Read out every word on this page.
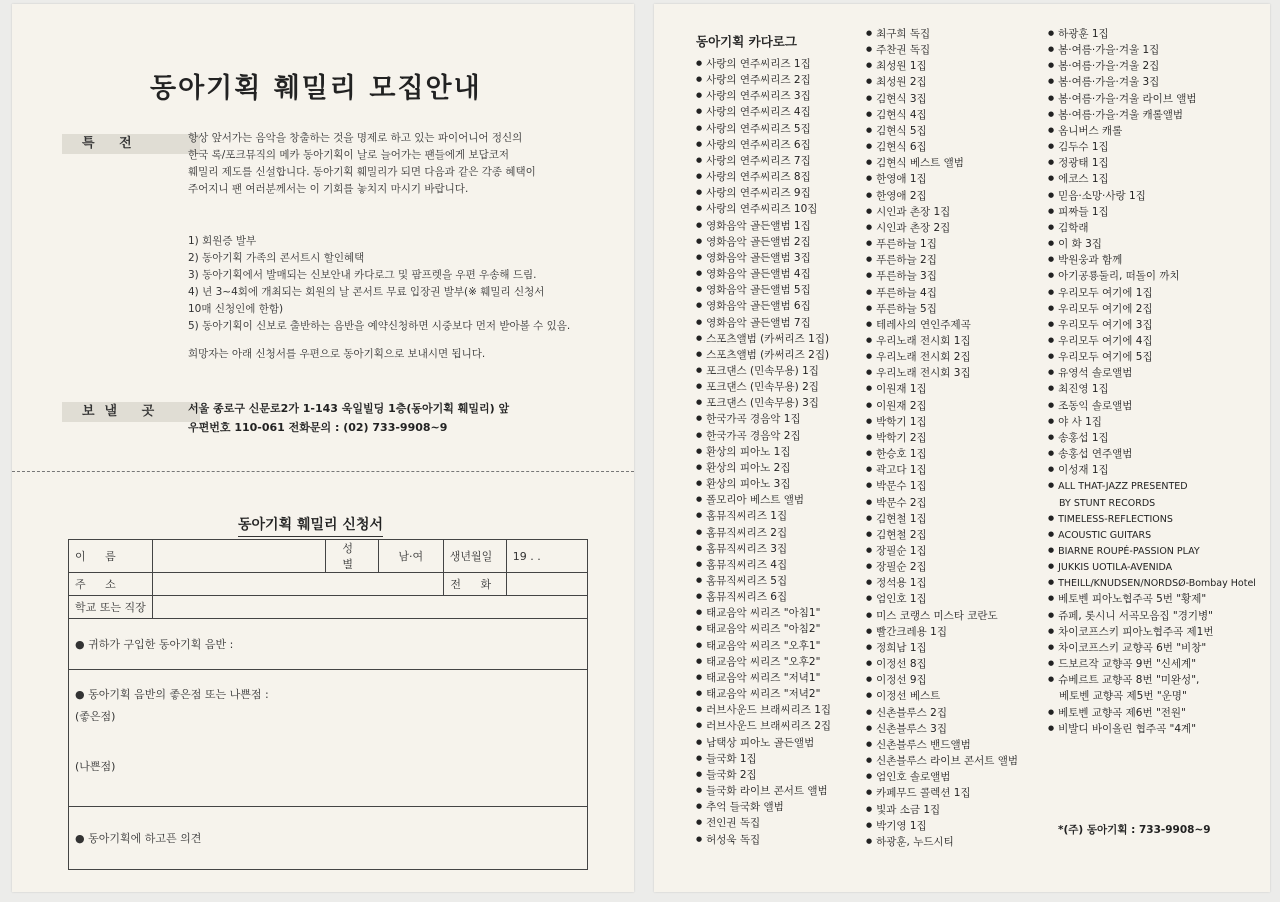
동아기획 훼밀리 모집안내
특 전	항상 앞서가는 음악을 창출하는 것을 명제로 하고 있는 파이어니어 정신의
한국 록/포크뮤직의 메카 동아기획이 날로 늘어가는 팬들에게 보답코저
훼밀리 제도를 신설합니다. 동아기획 훼밀리가 되면 다음과 같은 각종 혜택이
주어지니 팬 여러분께서는 이 기회를 놓치지 마시기 바랍니다.
1) 회원증 발부
2) 동아기획 가족의 콘서트시 할인혜택
3) 동아기획에서 발매되는 신보안내 카다로그 및 팜프렛을 우편 우송해 드림.
4) 년 3~4회에 개최되는 회원의 날 콘서트 무료 입장권 발부(※ 훼밀리 신청서
10매 신청인에 한함)
5) 동아기획이 신보로 출반하는 음반을 예약신청하면 시중보다 먼저 받아볼 수 있음.
희망자는 아래 신청서를 우편으로 동아기획으로 보내시면 됩니다.
보낼 곳	서울 종로구 신문로2가 1-143 욱일빌딩 1층(동아기획 훼밀리) 앞
우편번호 110-061 전화문의 : (02) 733-9908~9
동아기획 훼밀리 신청서
이 름		성 별	남·여	생년월일	19 . .
주 소				전 화	
학교 또는 직장					
● 귀하가 구입한 동아기획 음반 :					

● 동아기획 음반의 좋은점 또는 나쁜점 :
(좋은점)
(나쁜점)					

● 동아기획에 하고픈 의견					
동아기획 카다로그
● 사랑의 연주씨리즈 1집
● 사랑의 연주씨리즈 2집
● 사랑의 연주씨리즈 3집
● 사랑의 연주씨리즈 4집
● 사랑의 연주씨리즈 5집
● 사랑의 연주씨리즈 6집
● 사랑의 연주씨리즈 7집
● 사랑의 연주씨리즈 8집
● 사랑의 연주씨리즈 9집
● 사랑의 연주씨리즈 10집
● 영화음악 골든앨범 1집
● 영화음악 골든앨범 2집
● 영화음악 골든앨범 3집
● 영화음악 골든앨범 4집
● 영화음악 골든앨범 5집
● 영화음악 골든앨범 6집
● 영화음악 골든앨범 7집
● 스포츠앨범 (카써리즈 1집)
● 스포츠앨범 (카써리즈 2집)
● 포크댄스 (민속무용) 1집
● 포크댄스 (민속무용) 2집
● 포크댄스 (민속무용) 3집
● 한국가곡 경음악 1집
● 한국가곡 경음악 2집
● 환상의 피아노 1집
● 환상의 피아노 2집
● 환상의 피아노 3집
● 폴모리아 베스트 앨범
● 홈뮤직씨리즈 1집
● 홈뮤직씨리즈 2집
● 홈뮤직씨리즈 3집
● 홈뮤직씨리즈 4집
● 홈뮤직씨리즈 5집
● 홈뮤직씨리즈 6집
● 태교음악 씨리즈 "아침1"
● 태교음악 씨리즈 "아침2"
● 태교음악 씨리즈 "오후1"
● 태교음악 씨리즈 "오후2"
● 태교음악 씨리즈 "저녁1"
● 태교음악 씨리즈 "저녁2"
● 러브사운드 브래씨리즈 1집
● 러브사운드 브래씨리즈 2집
● 남택상 피아노 골든앨범
● 들국화 1집
● 들국화 2집
● 들국화 라이브 콘서트 앨범
● 추억 들국화 앨범
● 전인권 독집
● 허성욱 독집
● 최구희 독집
● 주찬권 독집
● 최성원 1집
● 최성원 2집
● 김현식 3집
● 김현식 4집
● 김현식 5집
● 김현식 6집
● 김현식 베스트 앨범
● 한영애 1집
● 한영애 2집
● 시인과 촌장 1집
● 시인과 촌장 2집
● 푸른하늘 1집
● 푸른하늘 2집
● 푸른하늘 3집
● 푸른하늘 4집
● 푸른하늘 5집
● 테레사의 연인주제곡
● 우리노래 전시회 1집
● 우리노래 전시회 2집
● 우리노래 전시회 3집
● 이원재 1집
● 이원재 2집
● 박학기 1집
● 박학기 2집
● 한승호 1집
● 곽고다 1집
● 박문수 1집
● 박문수 2집
● 김현철 1집
● 김현철 2집
● 장필순 1집
● 장필순 2집
● 정석용 1집
● 엄인호 1집
● 미스 코랭스 미스타 코란도
● 빨간크레용 1집
● 정희남 1집
● 이정선 8집
● 이정선 9집
● 이정선 베스트
● 신촌블루스 2집
● 신촌블루스 3집
● 신촌블루스 밴드앨범
● 신촌블루스 라이브 콘서트 앨범
● 엄인호 솔로앨범
● 카페무드 콜렉션 1집
● 빛과 소금 1집
● 박기영 1집
● 하광훈, 누드시티
● 하광훈 1집
● 봄·여름·가을·겨울 1집
● 봄·여름·가을·겨울 2집
● 봄·여름·가을·겨울 3집
● 봄·여름·가을·겨울 라이브 앨범
● 봄·여름·가을·겨울 캐롤앨범
● 옴니버스 캐롤
● 김두수 1집
● 정광태 1집
● 에코스 1집
● 믿음·소망·사랑 1집
● 피짜들 1집
● 김학래
● 이 화 3집
● 박원웅과 함께
● 아기공룡둘리, 떠돌이 까치
● 우리모두 여기에 1집
● 우리모두 여기에 2집
● 우리모두 여기에 3집
● 우리모두 여기에 4집
● 우리모두 여기에 5집
● 유영석 솔로앨범
● 최진영 1집
● 조동익 솔로앨범
● 야 사 1집
● 송홍섭 1집
● 송홍섭 연주앨범
● 이성재 1집
● ALL THAT-JAZZ PRESENTED
BY STUNT RECORDS
● TIMELESS-REFLECTIONS
● ACOUSTIC GUITARS
● BIARNE ROUPÉ-PASSION PLAY
● JUKKIS UOTILA-AVENIDA
● THEILL/KNUDSEN/NORDSØ-Bombay Hotel
● 베토벤 피아노협주곡 5번 "황제"
● 쥬페, 롯시니 서곡모음집 "경기병"
● 차이코프스키 피아노협주곡 제1번
● 차이코프스키 교향곡 6번 "비창"
● 드보르작 교향곡 9번 "신세계"
● 슈베르트 교향곡 8번 "미완성",
베토벤 교향곡 제5번 "운명"
● 베토벤 교향곡 제6번 "전원"
● 비발디 바이올린 협주곡 "4계"
*(주) 동아기획 : 733-9908~9
